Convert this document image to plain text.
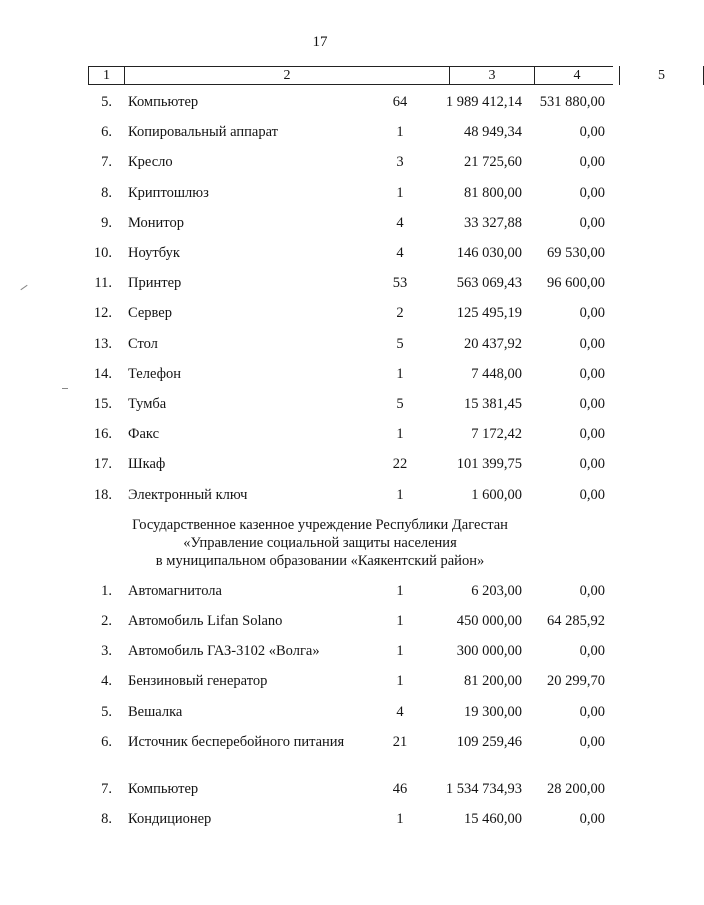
17
1	2	3	4	5
5. Компьютер	64	1 989 412,14	531 880,00
6. Копировальный аппарат	1	48 949,34	0,00
7. Кресло	3	21 725,60	0,00
8. Криптошлюз	1	81 800,00	0,00
9. Монитор	4	33 327,88	0,00
10. Ноутбук	4	146 030,00	69 530,00
11. Принтер	53	563 069,43	96 600,00
12. Сервер	2	125 495,19	0,00
13. Стол	5	20 437,92	0,00
14. Телефон	1	7 448,00	0,00
15. Тумба	5	15 381,45	0,00
16. Факс	1	7 172,42	0,00
17. Шкаф	22	101 399,75	0,00
18. Электронный ключ	1	1 600,00	0,00
Государственное казенное учреждение Республики Дагестан
«Управление социальной защиты населения
в муниципальном образовании «Каякентский район»
1. Автомагнитола	1	6 203,00	0,00
2. Автомобиль Lifan Solano	1	450 000,00	64 285,92
3. Автомобиль ГАЗ-3102 «Волга»	1	300 000,00	0,00
4. Бензиновый генератор	1	81 200,00	20 299,70
5. Вешалка	4	19 300,00	0,00
6. Источник бесперебойного питания	21	109 259,46	0,00
7. Компьютер	46	1 534 734,93	28 200,00
8. Кондиционер	1	15 460,00	0,00
